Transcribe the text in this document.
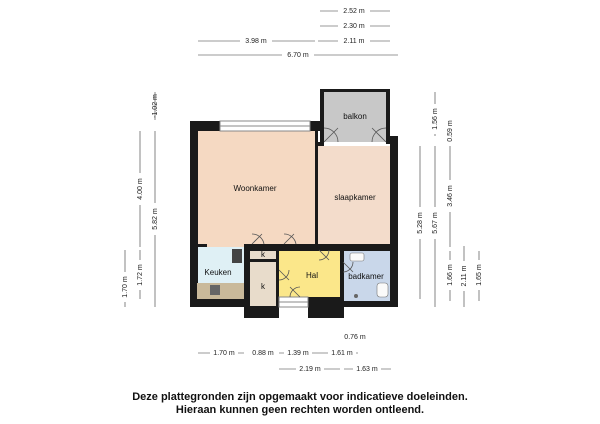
balkon
Woonkamer
slaapkamer
Keuken
k
k
Hal	badkamer
2.52 m
2.30 m
3.98 m	2.11 m
6.70 m
-1.02 m
4.00 m
5.82 m
1.70 m
1.72 m
1.56 m
0.59 m
5.28 m 5.67 m
3.46 m
1.66 m 2.11 m 1.65 m
0.76 m
1.70 m	0.88 m 1.39 m	1.61 m
2.19 m	1.63 m
Deze plattegronden zijn opgemaakt voor indicatieve doeleinden.
Hieraan kunnen geen rechten worden ontleend.
